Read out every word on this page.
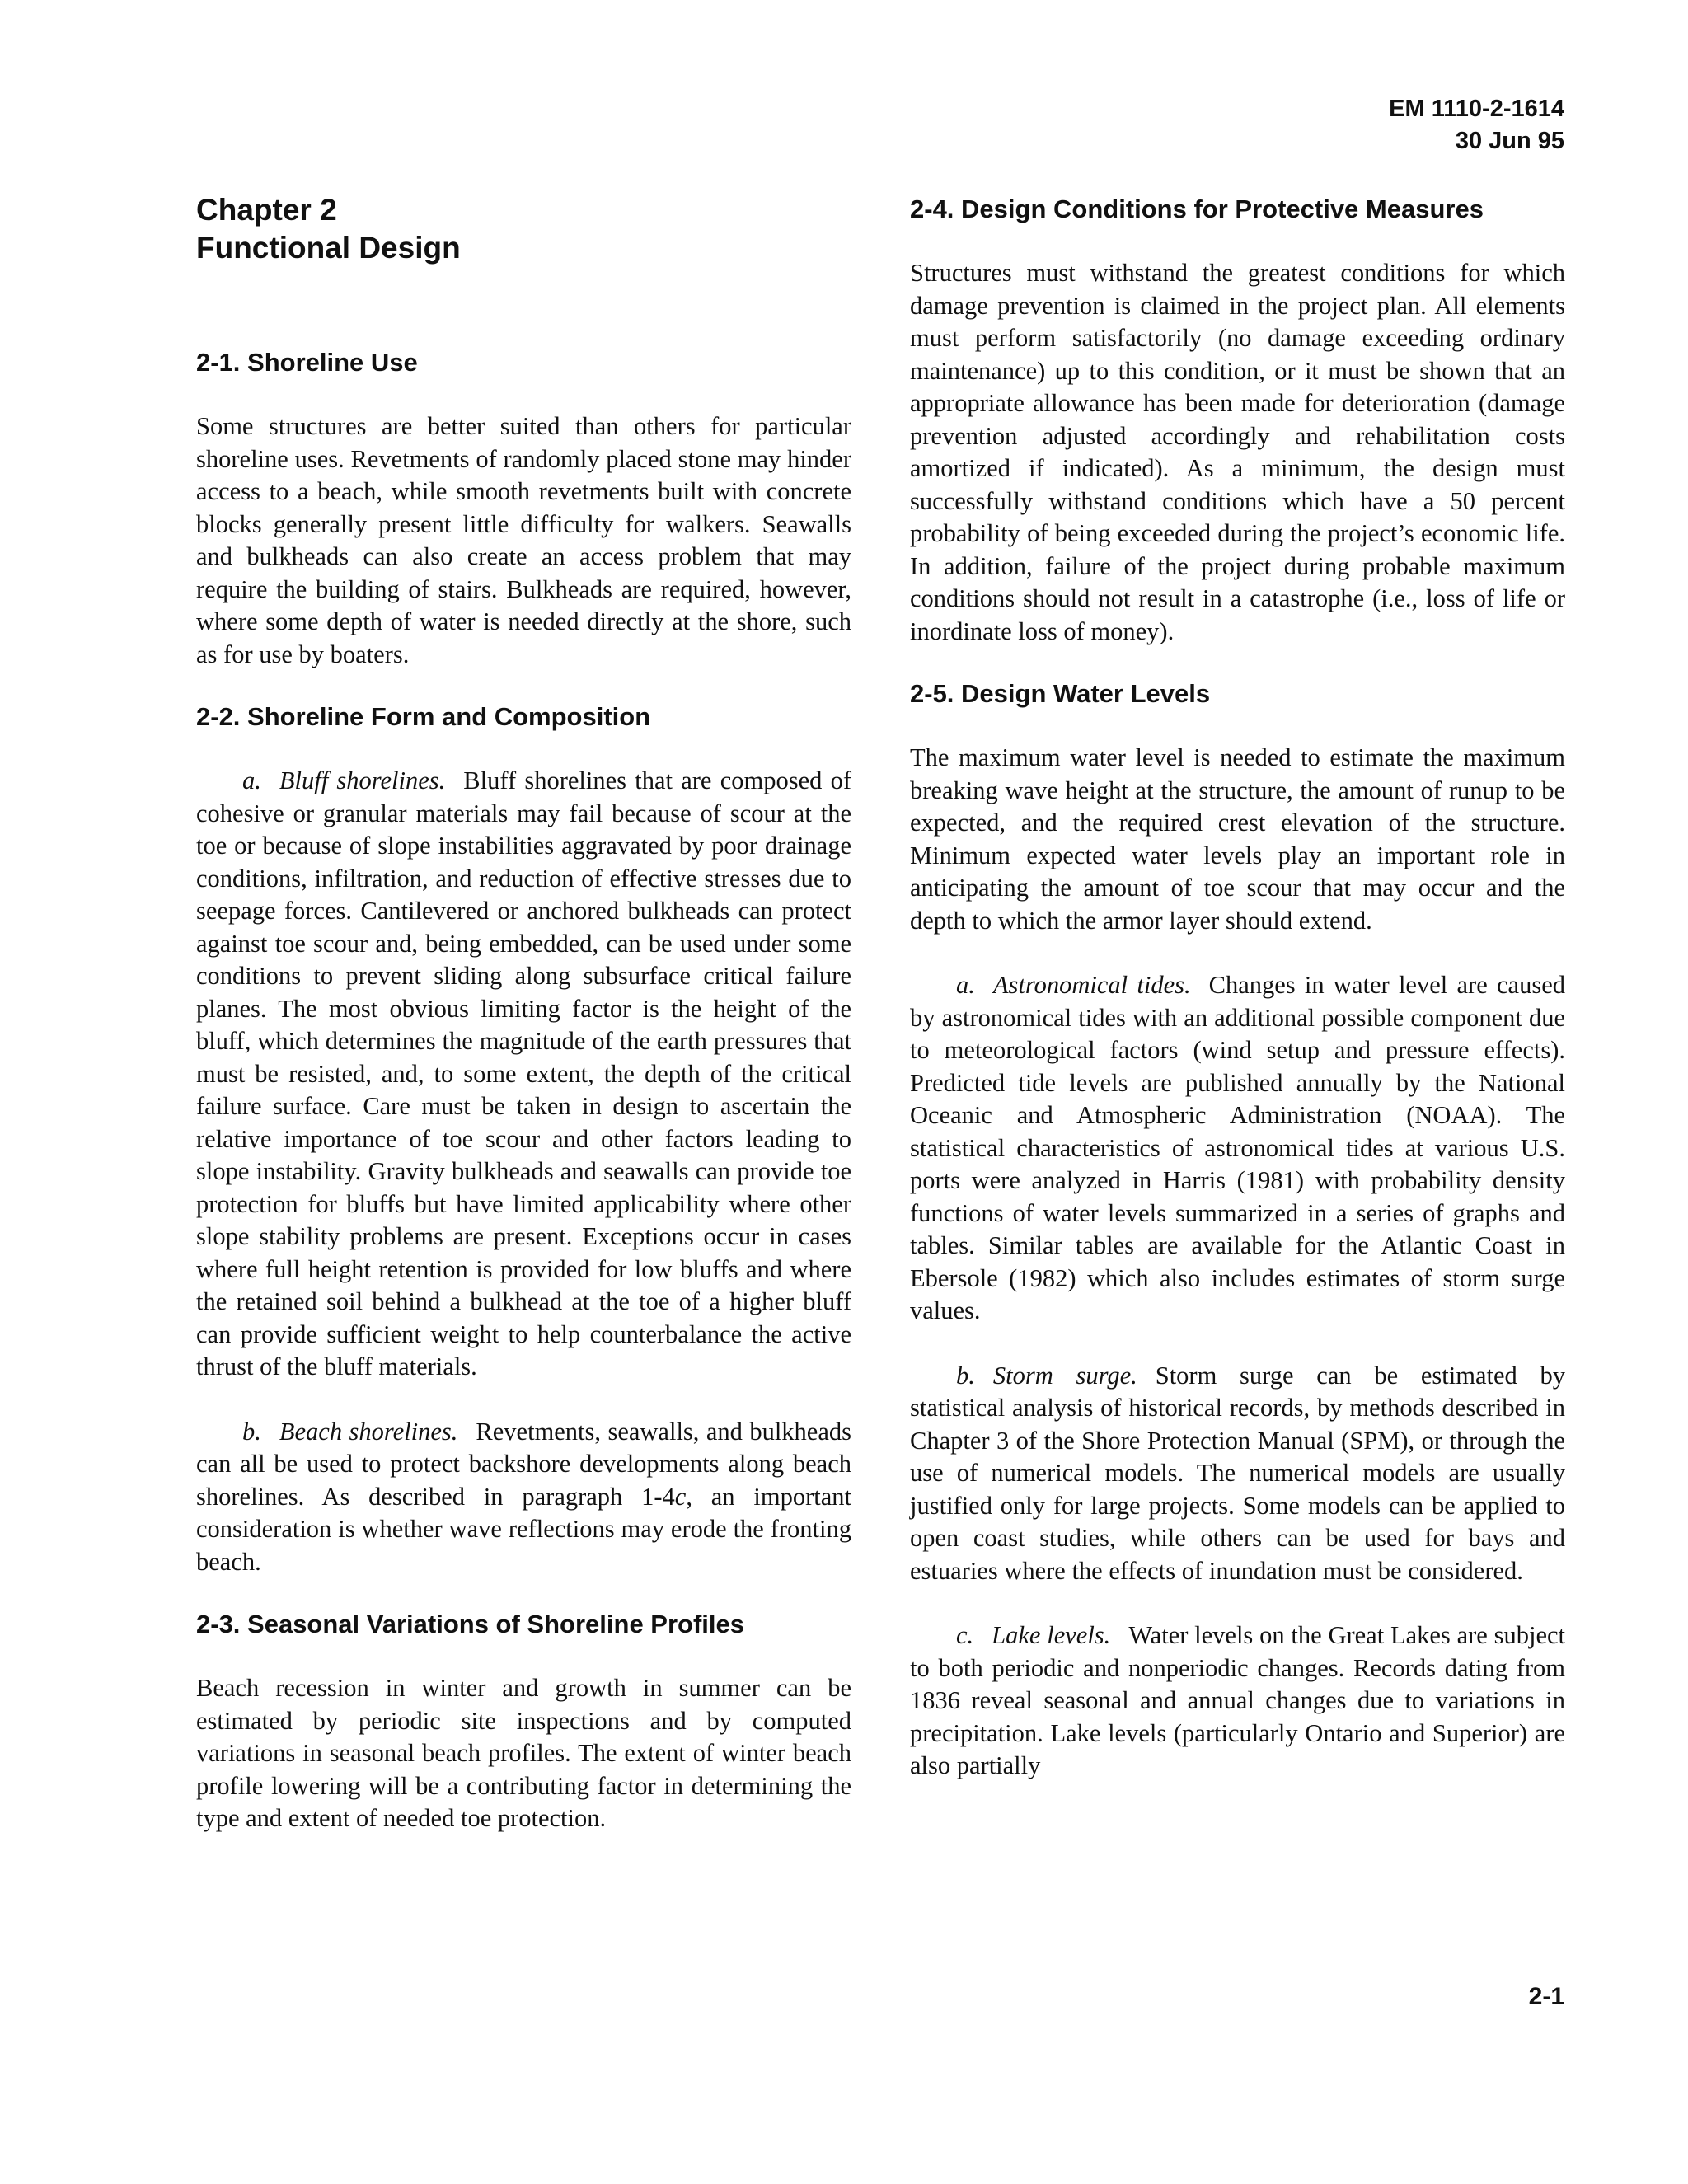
EM 1110-2-1614
30 Jun 95
Chapter 2
Functional Design
2-1. Shoreline Use

Some structures are better suited than others for particular shoreline uses. Revetments of randomly placed stone may hinder access to a beach, while smooth revetments built with concrete blocks generally present little difficulty for walkers. Seawalls and bulkheads can also create an access problem that may require the building of stairs. Bulkheads are required, however, where some depth of water is needed directly at the shore, such as for use by boaters.

2-2. Shoreline Form and Composition

a. Bluff shorelines. Bluff shorelines that are composed of cohesive or granular materials may fail because of scour at the toe or because of slope instabilities aggravated by poor drainage conditions, infiltration, and reduction of effective stresses due to seepage forces. Cantilevered or anchored bulkheads can protect against toe scour and, being embedded, can be used under some conditions to prevent sliding along subsurface critical failure planes. The most obvious limiting factor is the height of the bluff, which determines the magnitude of the earth pressures that must be resisted, and, to some extent, the depth of the critical failure surface. Care must be taken in design to ascertain the relative importance of toe scour and other factors leading to slope instability. Gravity bulkheads and seawalls can provide toe protection for bluffs but have limited applicability where other slope stability problems are present. Exceptions occur in cases where full height retention is provided for low bluffs and where the retained soil behind a bulkhead at the toe of a higher bluff can provide sufficient weight to help counterbalance the active thrust of the bluff materials.

b. Beach shorelines. Revetments, seawalls, and bulkheads can all be used to protect backshore developments along beach shorelines. As described in paragraph 1-4c, an important consideration is whether wave reflections may erode the fronting beach.

2-3. Seasonal Variations of Shoreline Profiles

Beach recession in winter and growth in summer can be estimated by periodic site inspections and by computed variations in seasonal beach profiles. The extent of winter beach profile lowering will be a contributing factor in determining the type and extent of needed toe protection.

2-4. Design Conditions for Protective Measures

Structures must withstand the greatest conditions for which damage prevention is claimed in the project plan. All elements must perform satisfactorily (no damage exceeding ordinary maintenance) up to this condition, or it must be shown that an appropriate allowance has been made for deterioration (damage prevention adjusted accordingly and rehabilitation costs amortized if indicated). As a minimum, the design must successfully withstand conditions which have a 50 percent probability of being exceeded during the project’s economic life. In addition, failure of the project during probable maximum conditions should not result in a catastrophe (i.e., loss of life or inordinate loss of money).

2-5. Design Water Levels

The maximum water level is needed to estimate the maximum breaking wave height at the structure, the amount of runup to be expected, and the required crest elevation of the structure. Minimum expected water levels play an important role in anticipating the amount of toe scour that may occur and the depth to which the armor layer should extend.

a. Astronomical tides. Changes in water level are caused by astronomical tides with an additional possible component due to meteorological factors (wind setup and pressure effects). Predicted tide levels are published annually by the National Oceanic and Atmospheric Administration (NOAA). The statistical characteristics of astronomical tides at various U.S. ports were analyzed in Harris (1981) with probability density functions of water levels summarized in a series of graphs and tables. Similar tables are available for the Atlantic Coast in Ebersole (1982) which also includes estimates of storm surge values.

b. Storm surge. Storm surge can be estimated by statistical analysis of historical records, by methods described in Chapter 3 of the Shore Protection Manual (SPM), or through the use of numerical models. The numerical models are usually justified only for large projects. Some models can be applied to open coast studies, while others can be used for bays and estuaries where the effects of inundation must be considered.

c. Lake levels. Water levels on the Great Lakes are subject to both periodic and nonperiodic changes. Records dating from 1836 reveal seasonal and annual changes due to variations in precipitation. Lake levels (particularly Ontario and Superior) are also partially

2-1
